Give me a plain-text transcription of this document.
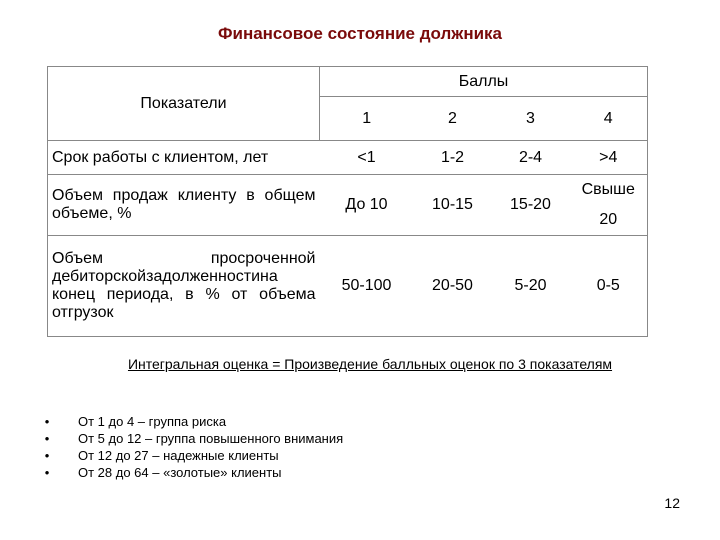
Финансовое состояние должника
Показатели	Баллы			
	1	2	3	4
Срок работы с клиентом, лет	<1	1-2	2-4	>4
Объем продаж клиенту в общем объеме, %	До 10	10-15	15-20	Свыше 20
Объем просроченной дебиторскойзадолженностина конец периода, в % от объема отгрузок	50-100	20-50	5-20	0-5
Интегральная оценка = Произведение балльных оценок по 3 показателям
•	От 1 до 4 – группа риска
•	От 5 до 12 – группа повышенного внимания
•	От 12 до 27 – надежные клиенты
•	От 28 до 64 – «золотые» клиенты
12
